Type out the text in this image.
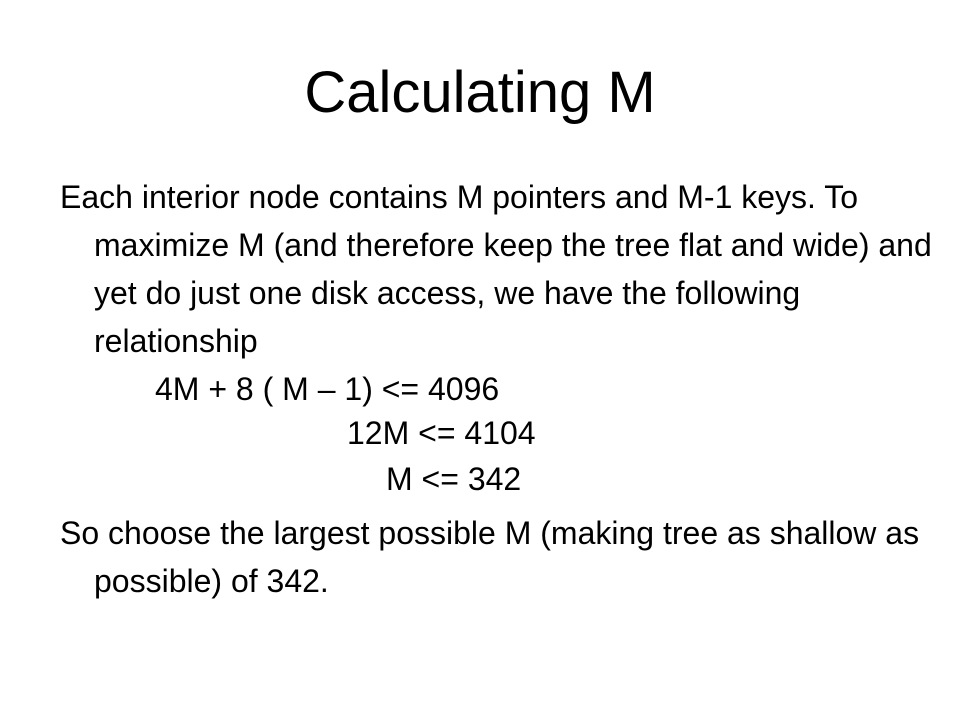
Calculating M

Each interior node contains M pointers and M-1 keys. To maximize M (and therefore keep the tree flat and wide) and yet do just one disk access, we have the following relationship

4M + 8 ( M – 1) <= 4096
12M <= 4104
M <= 342

So choose the largest possible M (making tree as shallow as possible) of 342.
